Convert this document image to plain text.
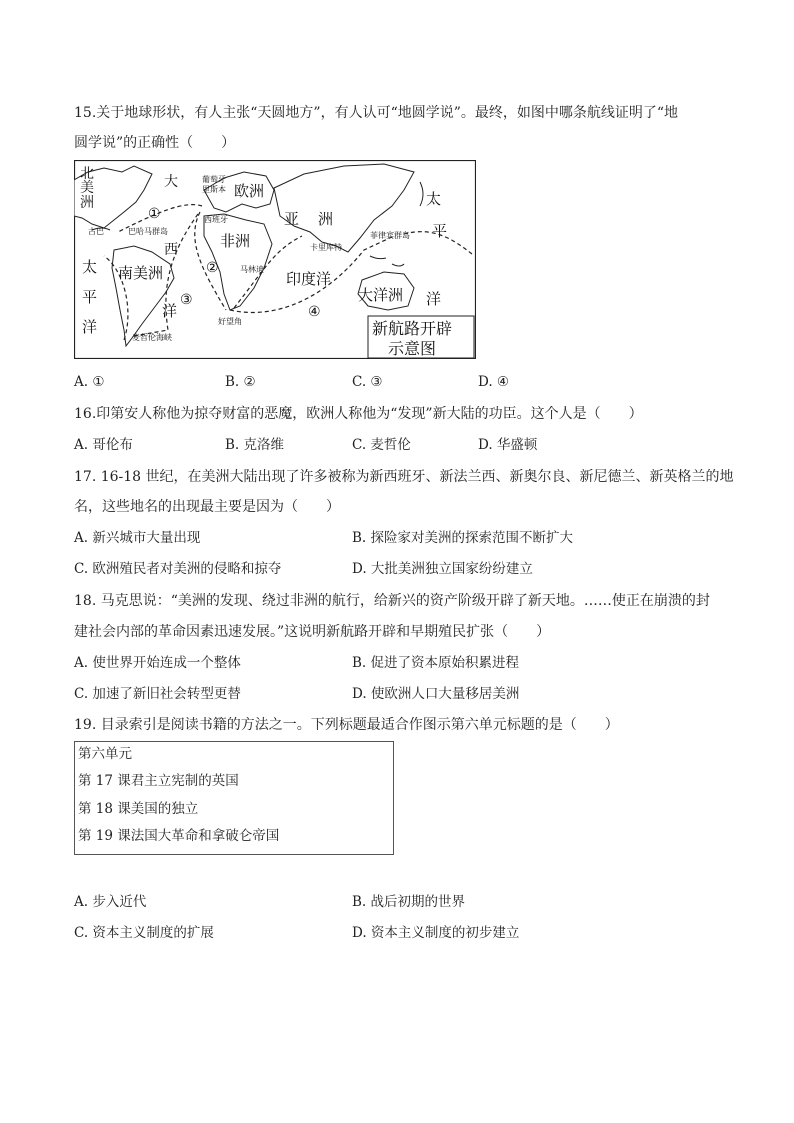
15.关于地球形状，有人主张“天圆地方”，有人认可“地圆学说”。最终，如图中哪条航线证明了“地
圆学说”的正确性（　　）
北
美
洲
大	葡萄牙
里斯本
西班牙
欧洲
亚 洲
古巴	巴哈马群岛
西	非洲	卡里库特
菲律宾群岛
太
平
洋
南美洲
太
平
洋
洋
马林迪
印度洋
大洋洲
好望角
麦哲伦海峡
①
②
③
④
新航路开辟
示意图
A. ①	B. ②	C. ③	D. ④
16.印第安人称他为掠夺财富的恶魔，欧洲人称他为“发现”新大陆的功臣。这个人是（　　）
A. 哥伦布	B. 克洛维	C. 麦哲伦	D. 华盛顿
17. 16-18 世纪，在美洲大陆出现了许多被称为新西班牙、新法兰西、新奥尔良、新尼德兰、新英格兰的地
名，这些地名的出现最主要是因为（　　）
A. 新兴城市大量出现	B. 探险家对美洲的探索范围不断扩大
C. 欧洲殖民者对美洲的侵略和掠夺	D. 大批美洲独立国家纷纷建立
18. 马克思说：“美洲的发现、绕过非洲的航行，给新兴的资产阶级开辟了新天地。……使正在崩溃的封
建社会内部的革命因素迅速发展。”这说明新航路开辟和早期殖民扩张（　　）
A. 使世界开始连成一个整体	B. 促进了资本原始积累进程
C. 加速了新旧社会转型更替	D. 使欧洲人口大量移居美洲
19. 目录索引是阅读书籍的方法之一。下列标题最适合作图示第六单元标题的是（　　）
第六单元
第 17 课君主立宪制的英国
第 18 课美国的独立
第 19 课法国大革命和拿破仑帝国
A. 步入近代	B. 战后初期的世界
C. 资本主义制度的扩展	D. 资本主义制度的初步建立
